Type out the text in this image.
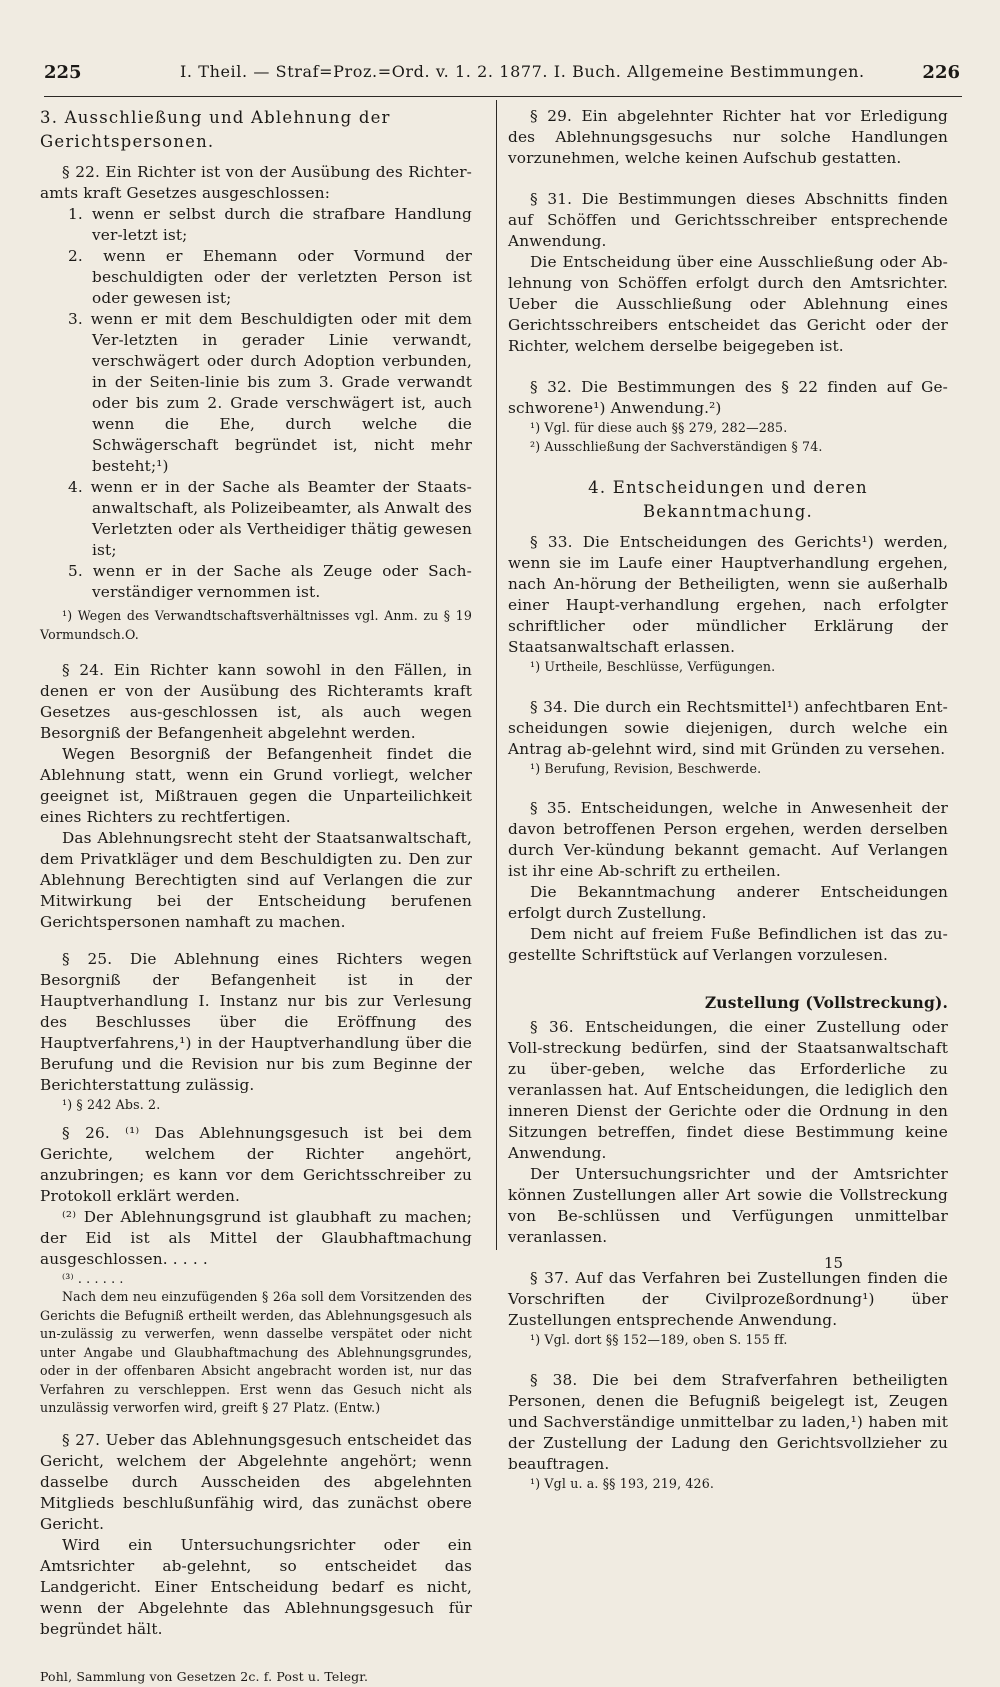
225	I. Theil. — Straf=Proz.=Ord. v. 1. 2. 1877. I. Buch. Allgemeine Bestimmungen.	226

3. Ausschließung und Ablehnung der Gerichtspersonen.

§ 22. Ein Richter ist von der Ausübung des Richter-amts kraft Gesetzes ausgeschlossen:

1. wenn er selbst durch die strafbare Handlung ver-letzt ist;

2. wenn er Ehemann oder Vormund der beschuldigten oder der verletzten Person ist oder gewesen ist;

3. wenn er mit dem Beschuldigten oder mit dem Ver-letzten in gerader Linie verwandt, verschwägert oder durch Adoption verbunden, in der Seiten-linie bis zum 3. Grade verwandt oder bis zum 2. Grade verschwägert ist, auch wenn die Ehe, durch welche die Schwägerschaft begründet ist, nicht mehr besteht;¹)

4. wenn er in der Sache als Beamter der Staats-anwaltschaft, als Polizeibeamter, als Anwalt des Verletzten oder als Vertheidiger thätig gewesen ist;

5. wenn er in der Sache als Zeuge oder Sach-verständiger vernommen ist.

¹) Wegen des Verwandtschaftsverhältnisses vgl. Anm. zu § 19 Vormundsch.O.

§ 24. Ein Richter kann sowohl in den Fällen, in denen er von der Ausübung des Richteramts kraft Gesetzes aus-geschlossen ist, als auch wegen Besorgniß der Befangenheit abgelehnt werden.

Wegen Besorgniß der Befangenheit findet die Ablehnung statt, wenn ein Grund vorliegt, welcher geeignet ist, Mißtrauen gegen die Unparteilichkeit eines Richters zu rechtfertigen.

Das Ablehnungsrecht steht der Staatsanwaltschaft, dem Privatkläger und dem Beschuldigten zu. Den zur Ablehnung Berechtigten sind auf Verlangen die zur Mitwirkung bei der Entscheidung berufenen Gerichtspersonen namhaft zu machen.

§ 25. Die Ablehnung eines Richters wegen Besorgniß der Befangenheit ist in der Hauptverhandlung I. Instanz nur bis zur Verlesung des Beschlusses über die Eröffnung des Hauptverfahrens,¹) in der Hauptverhandlung über die Berufung und die Revision nur bis zum Beginne der Berichterstattung zulässig.

¹) § 242 Abs. 2.

§ 26. ⁽¹⁾ Das Ablehnungsgesuch ist bei dem Gerichte, welchem der Richter angehört, anzubringen; es kann vor dem Gerichtsschreiber zu Protokoll erklärt werden.

⁽²⁾ Der Ablehnungsgrund ist glaubhaft zu machen; der Eid ist als Mittel der Glaubhaftmachung ausgeschlossen. . . . .

⁽³⁾ . . . . . .

Nach dem neu einzufügenden § 26a soll dem Vorsitzenden des Gerichts die Befugniß ertheilt werden, das Ablehnungsgesuch als un-zulässig zu verwerfen, wenn dasselbe verspätet oder nicht unter Angabe und Glaubhaftmachung des Ablehnungsgrundes, oder in der offenbaren Absicht angebracht worden ist, nur das Verfahren zu verschleppen. Erst wenn das Gesuch nicht als unzulässig verworfen wird, greift § 27 Platz. (Entw.)

§ 27. Ueber das Ablehnungsgesuch entscheidet das Gericht, welchem der Abgelehnte angehört; wenn dasselbe durch Ausscheiden des abgelehnten Mitglieds beschlußunfähig wird, das zunächst obere Gericht.

Wird ein Untersuchungsrichter oder ein Amtsrichter ab-gelehnt, so entscheidet das Landgericht. Einer Entscheidung bedarf es nicht, wenn der Abgelehnte das Ablehnungsgesuch für begründet hält.

Pohl, Sammlung von Gesetzen 2c. f. Post u. Telegr.

§ 29. Ein abgelehnter Richter hat vor Erledigung des Ablehnungsgesuchs nur solche Handlungen vorzunehmen, welche keinen Aufschub gestatten.

§ 31. Die Bestimmungen dieses Abschnitts finden auf Schöffen und Gerichtsschreiber entsprechende Anwendung.

Die Entscheidung über eine Ausschließung oder Ab-lehnung von Schöffen erfolgt durch den Amtsrichter. Ueber die Ausschließung oder Ablehnung eines Gerichtsschreibers entscheidet das Gericht oder der Richter, welchem derselbe beigegeben ist.

§ 32. Die Bestimmungen des § 22 finden auf Ge-schworene¹) Anwendung.²)

¹) Vgl. für diese auch §§ 279, 282—285.

²) Ausschließung der Sachverständigen § 74.

4. Entscheidungen und deren Bekanntmachung.

§ 33. Die Entscheidungen des Gerichts¹) werden, wenn sie im Laufe einer Hauptverhandlung ergehen, nach An-hörung der Betheiligten, wenn sie außerhalb einer Haupt-verhandlung ergehen, nach erfolgter schriftlicher oder mündlicher Erklärung der Staatsanwaltschaft erlassen.

¹) Urtheile, Beschlüsse, Verfügungen.

§ 34. Die durch ein Rechtsmittel¹) anfechtbaren Ent-scheidungen sowie diejenigen, durch welche ein Antrag ab-gelehnt wird, sind mit Gründen zu versehen.

¹) Berufung, Revision, Beschwerde.

§ 35. Entscheidungen, welche in Anwesenheit der davon betroffenen Person ergehen, werden derselben durch Ver-kündung bekannt gemacht. Auf Verlangen ist ihr eine Ab-schrift zu ertheilen.

Die Bekanntmachung anderer Entscheidungen erfolgt durch Zustellung.

Dem nicht auf freiem Fuße Befindlichen ist das zu-gestellte Schriftstück auf Verlangen vorzulesen.

Zustellung (Vollstreckung).

§ 36. Entscheidungen, die einer Zustellung oder Voll-streckung bedürfen, sind der Staatsanwaltschaft zu über-geben, welche das Erforderliche zu veranlassen hat. Auf Entscheidungen, die lediglich den inneren Dienst der Gerichte oder die Ordnung in den Sitzungen betreffen, findet diese Bestimmung keine Anwendung.

Der Untersuchungsrichter und der Amtsrichter können Zustellungen aller Art sowie die Vollstreckung von Be-schlüssen und Verfügungen unmittelbar veranlassen.

§ 37. Auf das Verfahren bei Zustellungen finden die Vorschriften der Civilprozeßordnung¹) über Zustellungen entsprechende Anwendung.

¹) Vgl. dort §§ 152—189, oben S. 155 ff.

§ 38. Die bei dem Strafverfahren betheiligten Personen, denen die Befugniß beigelegt ist, Zeugen und Sachverständige unmittelbar zu laden,¹) haben mit der Zustellung der Ladung den Gerichtsvollzieher zu beauftragen.

¹) Vgl u. a. §§ 193, 219, 426.

15
